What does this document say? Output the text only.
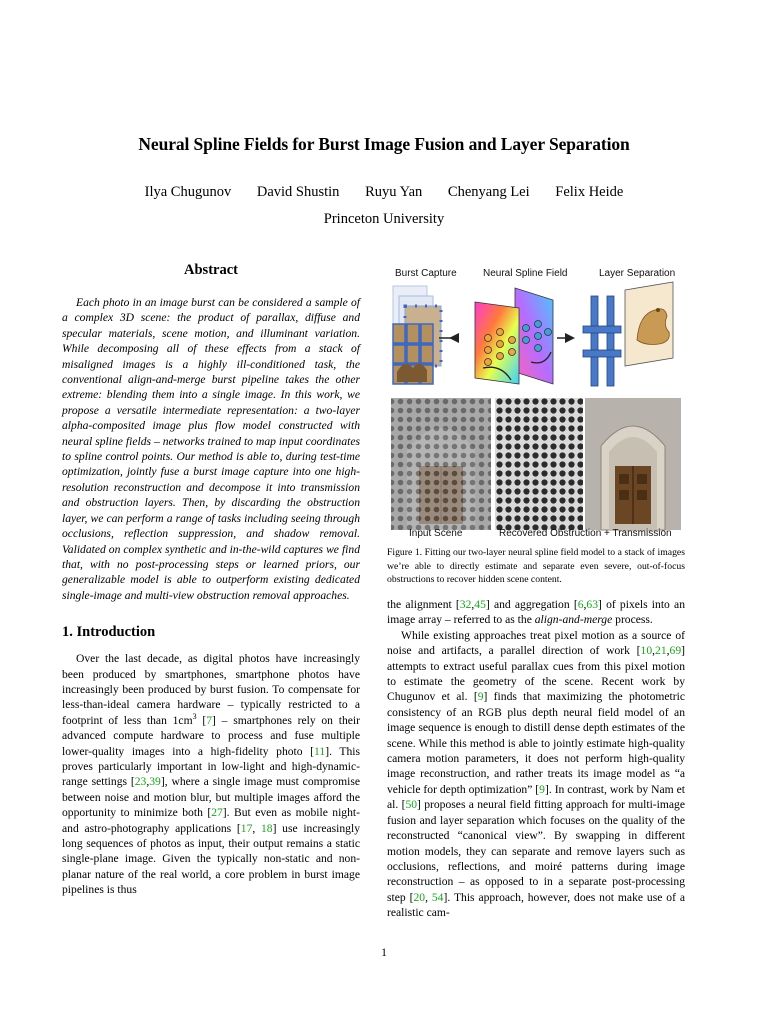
Neural Spline Fields for Burst Image Fusion and Layer Separation
Ilya Chugunov David Shustin Ruyu Yan Chenyang Lei Felix Heide
Princeton University
Abstract

Each photo in an image burst can be considered a sample of a complex 3D scene: the product of parallax, diffuse and specular materials, scene motion, and illuminant variation. While decomposing all of these effects from a stack of misaligned images is a highly ill-conditioned task, the conventional align-and-merge burst pipeline takes the other extreme: blending them into a single image. In this work, we propose a versatile intermediate representation: a two-layer alpha-composited image plus flow model constructed with neural spline fields – networks trained to map input coordinates to spline control points. Our method is able to, during test-time optimization, jointly fuse a burst image capture into one high-resolution reconstruction and decompose it into transmission and obstruction layers. Then, by discarding the obstruction layer, we can perform a range of tasks including seeing through occlusions, reflection suppression, and shadow removal. Validated on complex synthetic and in-the-wild captures we find that, with no post-processing steps or learned priors, our generalizable model is able to outperform existing dedicated single-image and multi-view obstruction removal approaches.

1. Introduction

Over the last decade, as digital photos have increasingly been produced by smartphones, smartphone photos have increasingly been produced by burst fusion. To compensate for less-than-ideal camera hardware – typically restricted to a footprint of less than $1cm^3$ [7] – smartphones rely on their advanced compute hardware to process and fuse multiple lower-quality images into a high-fidelity photo [11]. This proves particularly important in low-light and high-dynamic-range settings [23,39], where a single image must compromise between noise and motion blur, but multiple images afford the opportunity to minimize both [27]. But even as mobile night- and astro-photography applications [17, 18] use increasingly long sequences of photos as input, their output remains a static single-plane image. Given the typically non-static and non-planar nature of the real world, a core problem in burst image pipelines is thus

Burst Capture	Neural Spline Field	Layer Separation
Input Scene	Recovered Obstruction + Transmission
Figure 1. Fitting our two-layer neural spline field model to a stack of images we’re able to directly estimate and separate even severe, out-of-focus obstructions to recover hidden scene content.

the alignment [32,45] and aggregation [6,63] of pixels into an image array – referred to as the align-and-merge process.

While existing approaches treat pixel motion as a source of noise and artifacts, a parallel direction of work [10,21,69] attempts to extract useful parallax cues from this pixel motion to estimate the geometry of the scene. Recent work by Chugunov et al. [9] finds that maximizing the photometric consistency of an RGB plus depth neural field model of an image sequence is enough to distill dense depth estimates of the scene. While this method is able to jointly estimate high-quality camera motion parameters, it does not perform high-quality image reconstruction, and rather treats its image model as “a vehicle for depth optimization” [9]. In contrast, work by Nam et al. [50] proposes a neural field fitting approach for multi-image fusion and layer separation which focuses on the quality of the reconstructed “canonical view”. By swapping in different motion models, they can separate and remove layers such as occlusions, reflections, and moiré patterns during image reconstruction – as opposed to in a separate post-processing step [20, 54]. This approach, however, does not make use of a realistic cam-

1
